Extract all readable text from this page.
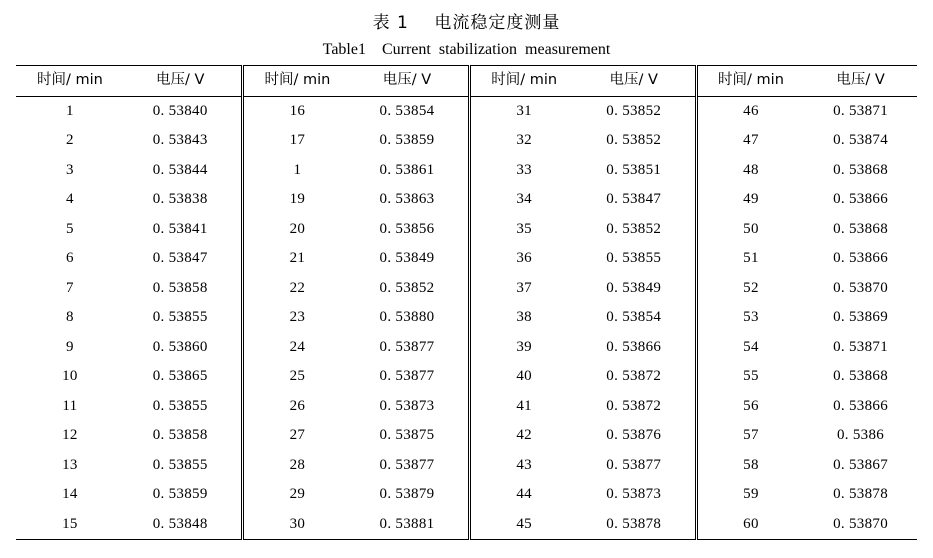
表 1    电流稳定度测量
Table1    Current  stabilization  measurement
时间/ min	电压/ V		时间/ min	电压/ V		时间/ min	电压/ V		时间/ min	电压/ V
1	0. 53840		16	0. 53854		31	0. 53852		46	0. 53871
2	0. 53843		17	0. 53859		32	0. 53852		47	0. 53874
3	0. 53844		1	0. 53861		33	0. 53851		48	0. 53868
4	0. 53838		19	0. 53863		34	0. 53847		49	0. 53866
5	0. 53841		20	0. 53856		35	0. 53852		50	0. 53868
6	0. 53847		21	0. 53849		36	0. 53855		51	0. 53866
7	0. 53858		22	0. 53852		37	0. 53849		52	0. 53870
8	0. 53855		23	0. 53880		38	0. 53854		53	0. 53869
9	0. 53860		24	0. 53877		39	0. 53866		54	0. 53871
10	0. 53865		25	0. 53877		40	0. 53872		55	0. 53868
11	0. 53855		26	0. 53873		41	0. 53872		56	0. 53866
12	0. 53858		27	0. 53875		42	0. 53876		57	0. 5386
13	0. 53855		28	0. 53877		43	0. 53877		58	0. 53867
14	0. 53859		29	0. 53879		44	0. 53873		59	0. 53878
15	0. 53848		30	0. 53881		45	0. 53878		60	0. 53870
